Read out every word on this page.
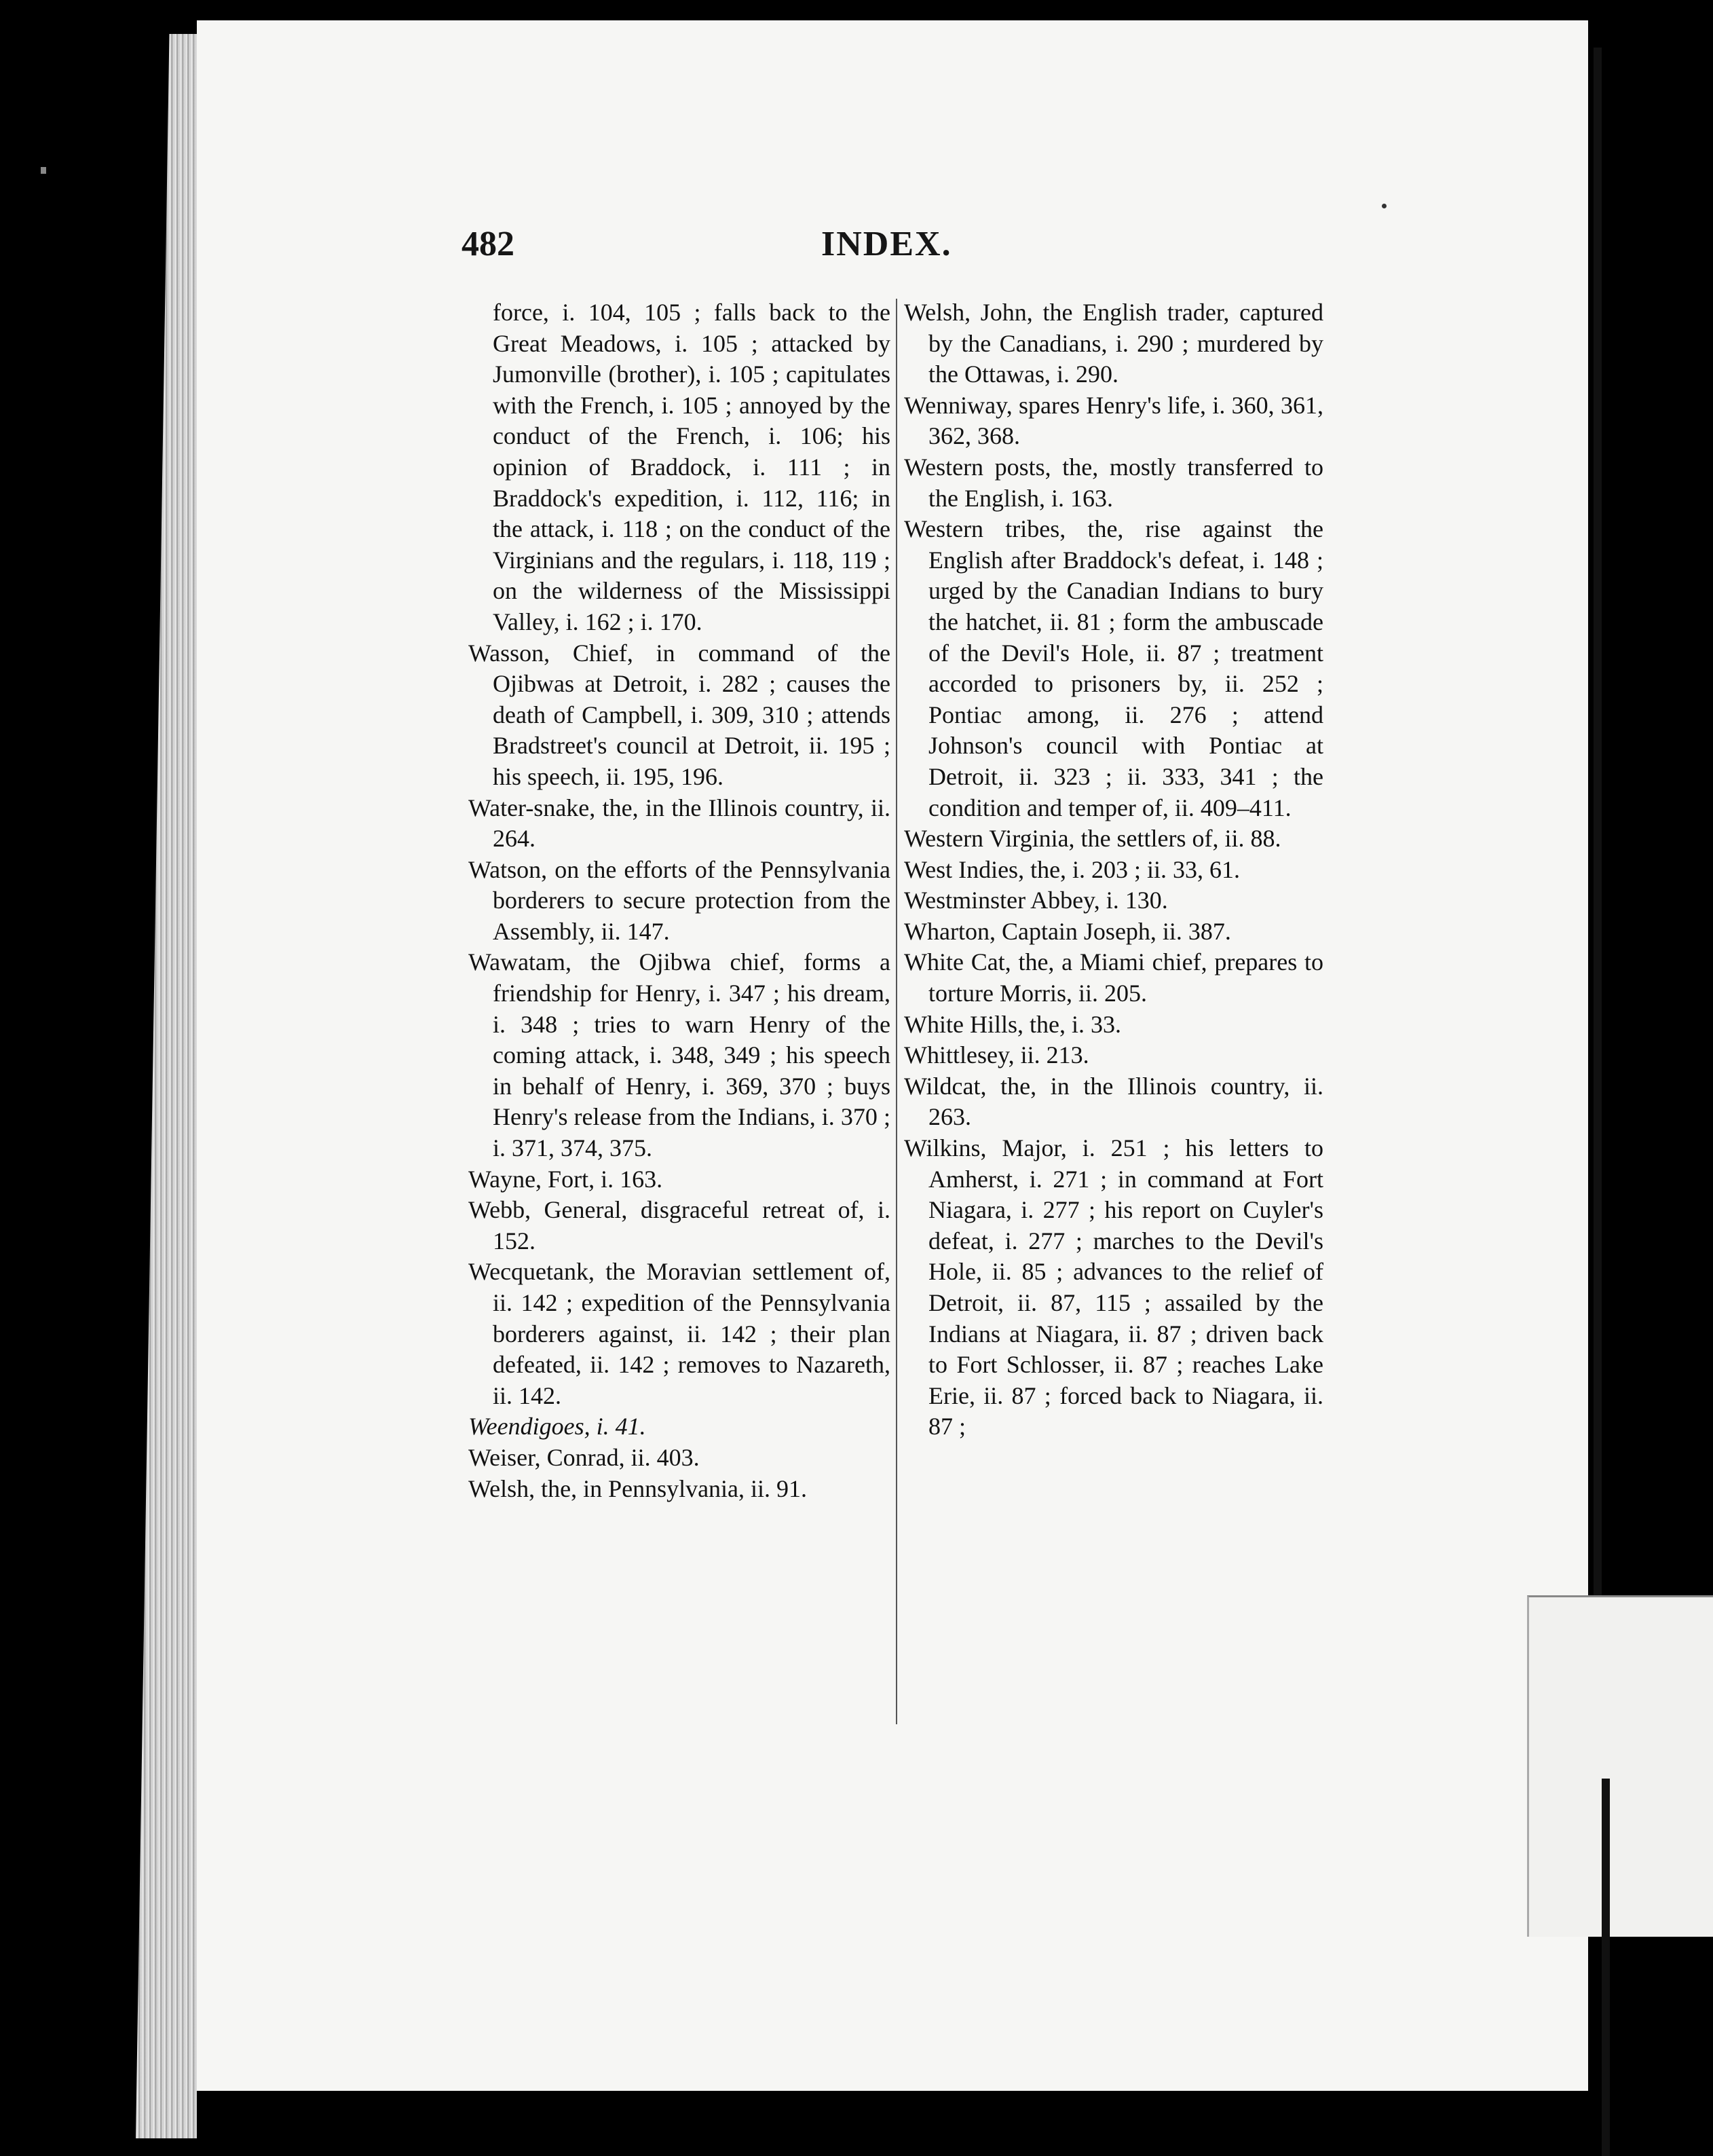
482	INDEX.
force, i. 104, 105 ; falls back to the Great Meadows, i. 105 ; attacked by Jumonville (brother), i. 105 ; capitulates with the French, i. 105 ; annoyed by the conduct of the French, i. 106; his opinion of Braddock, i. 111 ; in Braddock's expedition, i. 112, 116; in the attack, i. 118 ; on the conduct of the Virginians and the regulars, i. 118, 119 ; on the wilderness of the Mississippi Valley, i. 162 ; i. 170.
Wasson, Chief, in command of the Ojibwas at Detroit, i. 282 ; causes the death of Campbell, i. 309, 310 ; attends Bradstreet's council at Detroit, ii. 195 ; his speech, ii. 195, 196.
Water-snake, the, in the Illinois country, ii. 264.
Watson, on the efforts of the Pennsylvania borderers to secure protection from the Assembly, ii. 147.
Wawatam, the Ojibwa chief, forms a friendship for Henry, i. 347 ; his dream, i. 348 ; tries to warn Henry of the coming attack, i. 348, 349 ; his speech in behalf of Henry, i. 369, 370 ; buys Henry's release from the Indians, i. 370 ; i. 371, 374, 375.
Wayne, Fort, i. 163.
Webb, General, disgraceful retreat of, i. 152.
Wecquetank, the Moravian settlement of, ii. 142 ; expedition of the Pennsylvania borderers against, ii. 142 ; their plan defeated, ii. 142 ; removes to Nazareth, ii. 142.
Weendigoes, i. 41.
Weiser, Conrad, ii. 403.
Welsh, the, in Pennsylvania, ii. 91.
Welsh, John, the English trader, captured by the Canadians, i. 290 ; murdered by the Ottawas, i. 290.
Wenniway, spares Henry's life, i. 360, 361, 362, 368.
Western posts, the, mostly transferred to the English, i. 163.
Western tribes, the, rise against the English after Braddock's defeat, i. 148 ; urged by the Canadian Indians to bury the hatchet, ii. 81 ; form the ambuscade of the Devil's Hole, ii. 87 ; treatment accorded to prisoners by, ii. 252 ; Pontiac among, ii. 276 ; attend Johnson's council with Pontiac at Detroit, ii. 323 ; ii. 333, 341 ; the condition and temper of, ii. 409–411.
Western Virginia, the settlers of, ii. 88.
West Indies, the, i. 203 ; ii. 33, 61.
Westminster Abbey, i. 130.
Wharton, Captain Joseph, ii. 387.
White Cat, the, a Miami chief, prepares to torture Morris, ii. 205.
White Hills, the, i. 33.
Whittlesey, ii. 213.
Wildcat, the, in the Illinois country, ii. 263.
Wilkins, Major, i. 251 ; his letters to Amherst, i. 271 ; in command at Fort Niagara, i. 277 ; his report on Cuyler's defeat, i. 277 ; marches to the Devil's Hole, ii. 85 ; advances to the relief of Detroit, ii. 87, 115 ; assailed by the Indians at Niagara, ii. 87 ; driven back to Fort Schlosser, ii. 87 ; reaches Lake Erie, ii. 87 ; forced back to Niagara, ii. 87 ;
